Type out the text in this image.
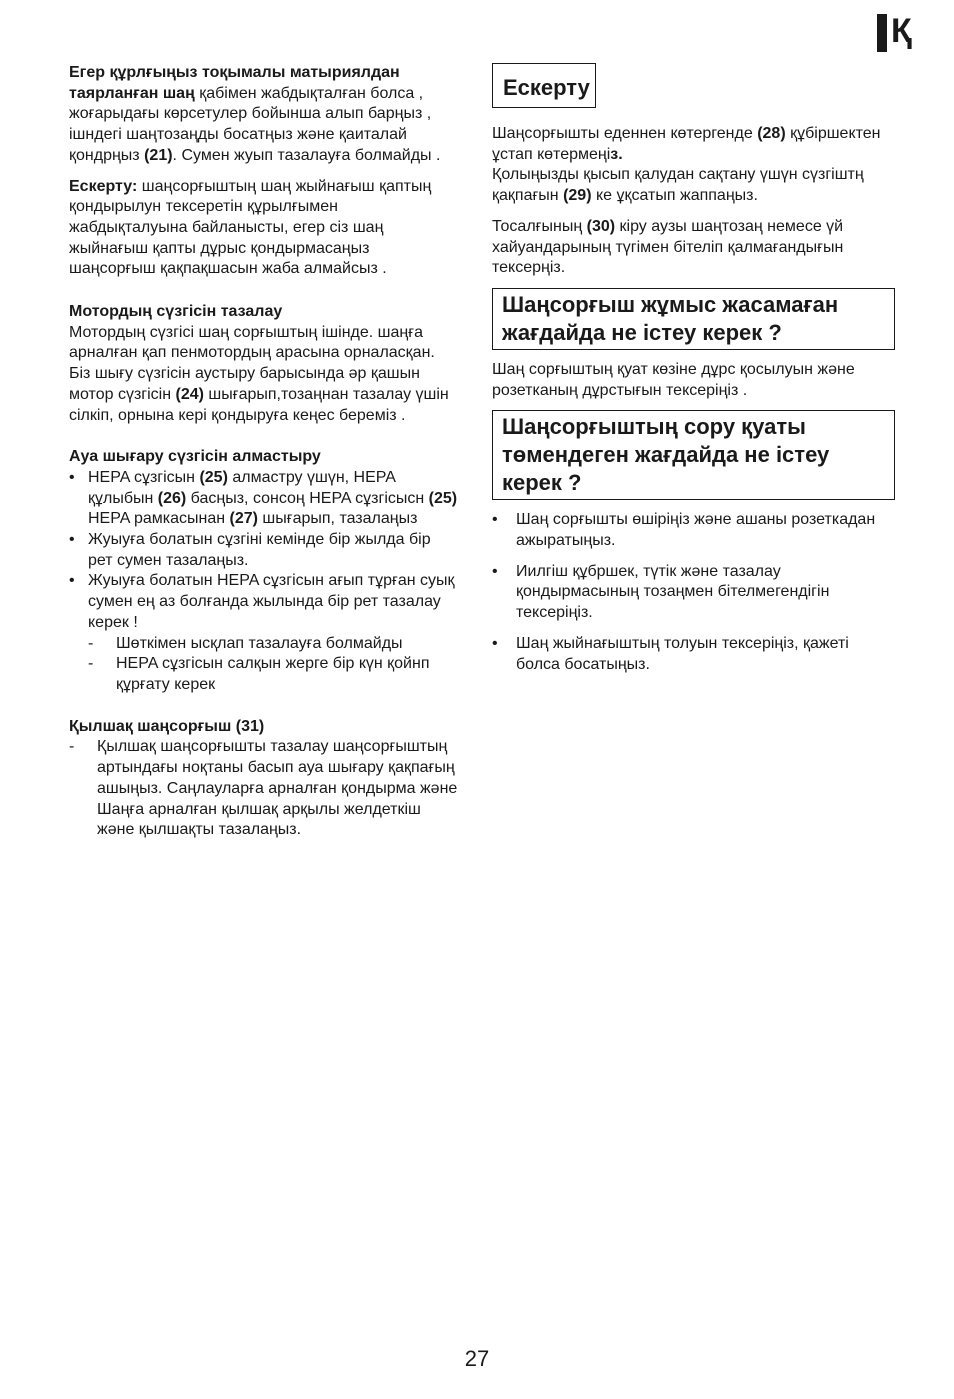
Қ

Егер құрлғыңыз тоқымалы матыриялдан таярланған шаң қабімен жабдықталған болса , жоғарыдағы көрсетулер бойынша алып барңыз , ішндегі шаңтозаңды босатңыз және қаиталай қондрңыз (21). Сумен жуып тазалауға болмайды .

Ескерту: шаңсорғыштың шаң жыйнағыш қаптың қондырылун тексеретін құрылғымен жабдықталуына байланысты, егер сіз шаң жыйнағыш қапты дұрыс қондырмасаңыз шаңсорғыш қақпақшасын жаба алмайсыз .

Мотордың сүзгісін тазалау

Мотордың сүзгісі шаң сорғыштың ішінде. шаңға арналған қап пенмотордың арасына орналасқан. Біз шығу сүзгісін аустыру барысында әр қашын мотор сүзгісін (24) шығарып,тозаңнан тазалау үшін сілкіп, орнына кері қондыруға кеңес береміз .

Ауа шығару сүзгісін алмастыру
• HEPA сұзгісын (25) алмастру үшүн, HEPA құлыбын (26) басңыз, сонсоң HEPA сұзгісысн (25) HEPA рамкасынан (27) шығарып, тазалаңыз
• Жуыуға болатын сұзгіні кемінде бір жылда бір рет сумен тазалаңыз.
• Жуыуға болатын HEPA сұзгісын ағып тұрған суық сумен ең аз болғанда жылында бір рет тазалау керек !
- Шөткімен ысқлап тазалауға болмайды
- HEPA сұзгісын салқын жерге бір күн қойнп құрғату керек
Қылшақ шаңсорғыш (31)
- Қылшақ шаңсорғышты тазалау шаңсорғыштың артындағы ноқтаны басып ауа шығару қақпағың ашыңыз. Саңлауларға арналған қондырма және Шаңға арналған қылшақ арқылы желдеткіш және қылшақты тазалаңыз.
Ескерту

Шаңсорғышты еденнен көтергенде (28) құбіршектен ұстап көтермеңіз.

Қолыңызды қысып қалудан сақтану үшүн сүзгіштң қақпағын (29) ке ұқсатып жаппаңыз.

Тосалғының (30) кіру аузы шаңтозаң немесе үй хайуандарының түгімен бітеліп қалмағандығын тексерңіз.

Шаңсорғыш жұмыс жасамаған жағдайда не істеу керек ?

Шаң сорғыштың қуат көзіне дұрс қосылуын және розетканың дұрстығын тексеріңіз .

Шаңсорғыштың сору қуаты төмендеген жағдайда не істеу керек ?
• Шаң сорғышты өшіріңіз және ашаны розеткадан ажыратыңыз.
• Иилгіш құбршек, түтік және тазалау қондырмасының тозаңмен бітелмегендігін тексеріңіз.
• Шаң жыйнағыштың толуын тексеріңіз, қажеті болса босатыңыз.
27
